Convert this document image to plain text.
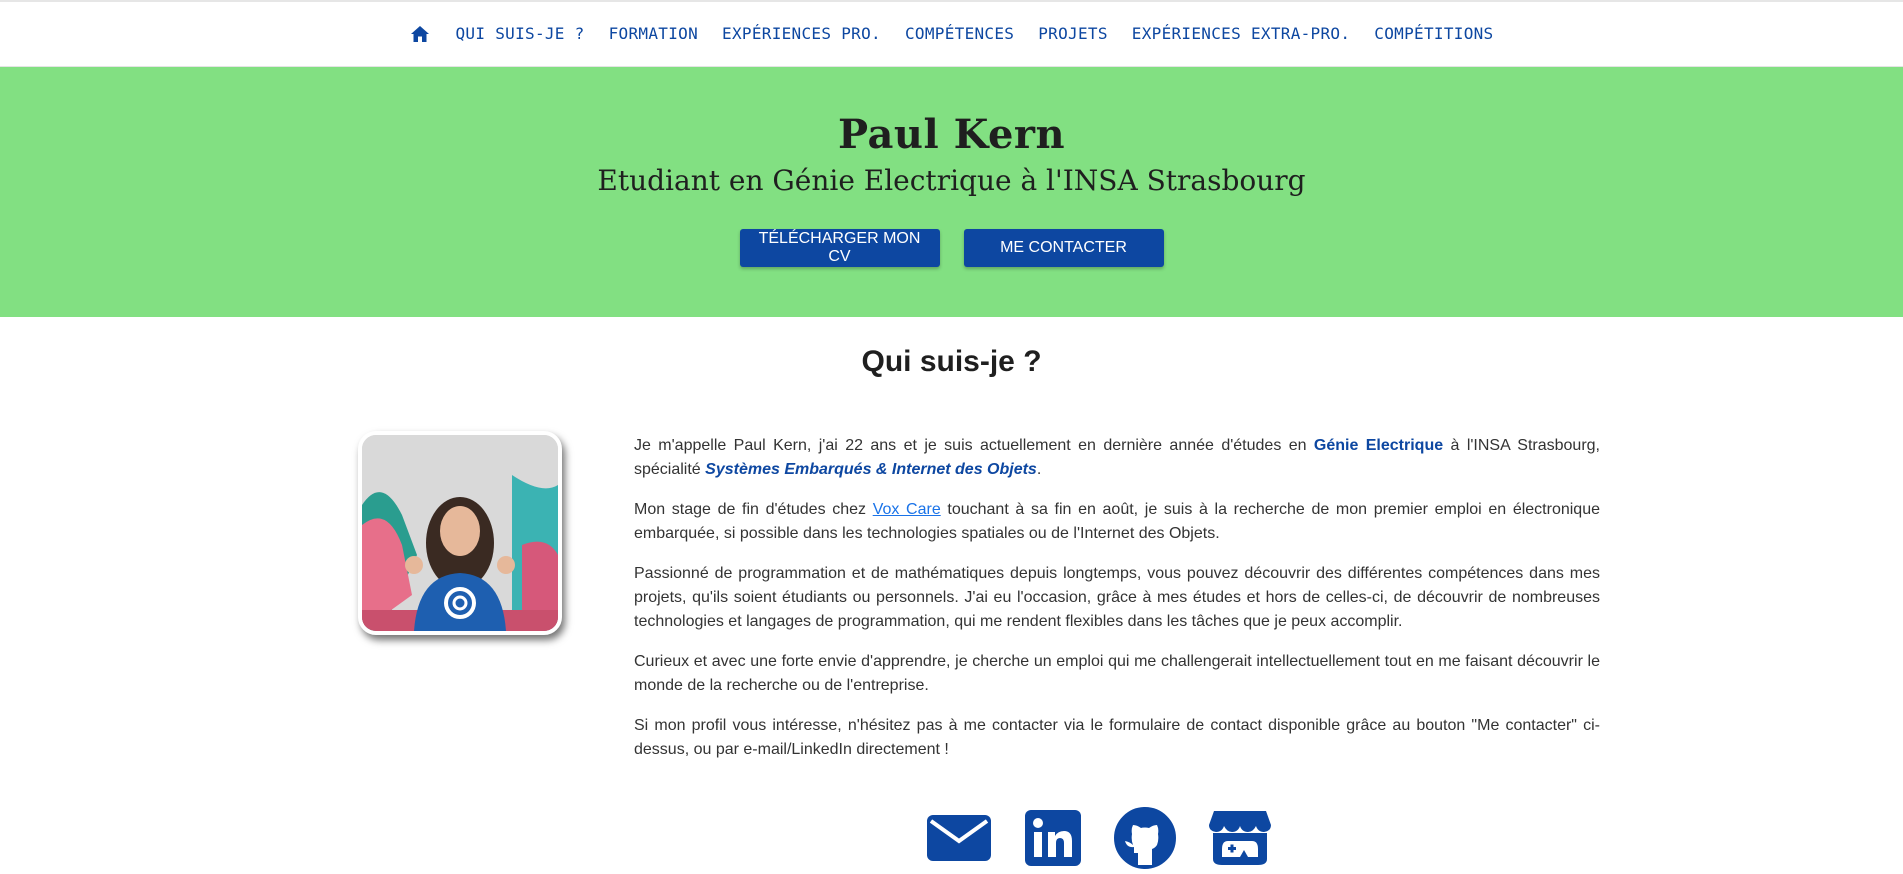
QUI SUIS-JE ?	FORMATION	EXPÉRIENCES PRO.	COMPÉTENCES	PROJETS	EXPÉRIENCES EXTRA-PRO.	COMPÉTITIONS
Paul Kern
Etudiant en Génie Electrique à l'INSA Strasbourg
TÉLÉCHARGER MON CV
ME CONTACTER
Qui suis-je ?

Je m'appelle Paul Kern, j'ai 22 ans et je suis actuellement en dernière année d'études en Génie Electrique à l'INSA Strasbourg, spécialité Systèmes Embarqués & Internet des Objets.

Mon stage de fin d'études chez Vox Care touchant à sa fin en août, je suis à la recherche de mon premier emploi en électronique embarquée, si possible dans les technologies spatiales ou de l'Internet des Objets.

Passionné de programmation et de mathématiques depuis longtemps, vous pouvez découvrir des différentes compétences dans mes projets, qu'ils soient étudiants ou personnels. J'ai eu l'occasion, grâce à mes études et hors de celles-ci, de découvrir de nombreuses technologies et langages de programmation, qui me rendent flexibles dans les tâches que je peux accomplir.

Curieux et avec une forte envie d'apprendre, je cherche un emploi qui me challengerait intellectuellement tout en me faisant découvrir le monde de la recherche ou de l'entreprise.

Si mon profil vous intéresse, n'hésitez pas à me contacter via le formulaire de contact disponible grâce au bouton "Me contacter" ci-dessus, ou par e-mail/LinkedIn directement !
